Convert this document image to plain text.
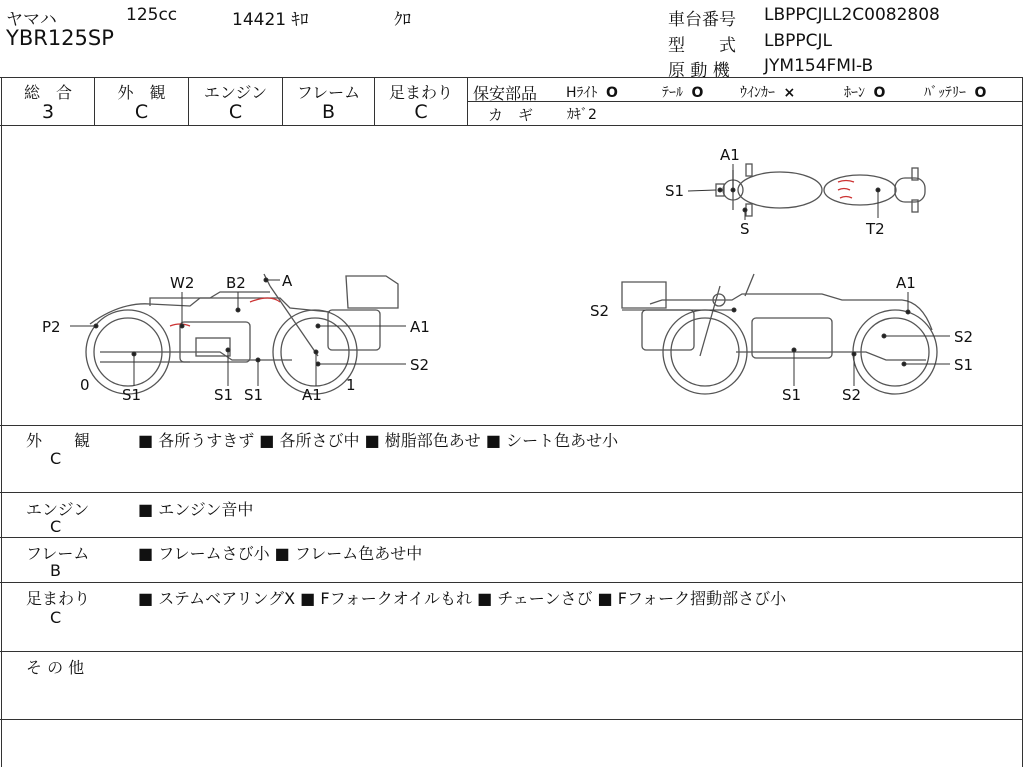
ヤマハ	125cc	14421 ｷﾛ	ｸﾛ
YBR125SP
車台番号 LBPPCJLL2C0082808
型　　式 LBPPCJL
原 動 機 JYM154FMI-B
総　合
3
外　観
C
エンジン
C
フレーム
B
足まわり
C
保安部品 Hﾗｲﾄ O	ﾃｰﾙ O	ｳｲﾝｶｰ ×	ﾎｰﾝ O	ﾊﾞｯﾃﾘｰ O
カ　ギ ｶｷﾞ2
A1
S1
S	T2
W2 B2 A
P2	A1
S2
0
S1	S1 S1	A1
1
A1
S2
S2
S1
S1	S2
外　　観
C
■ 各所うすきず ■ 各所さび中 ■ 樹脂部色あせ ■ シート色あせ小
エンジン
C
■ エンジン音中
フレーム
B
■ フレームさび小 ■ フレーム色あせ中
足まわり
C
■ ステムベアリングX ■ Fフォークオイルもれ ■ チェーンさび ■ Fフォーク摺動部さび小
そ の 他
